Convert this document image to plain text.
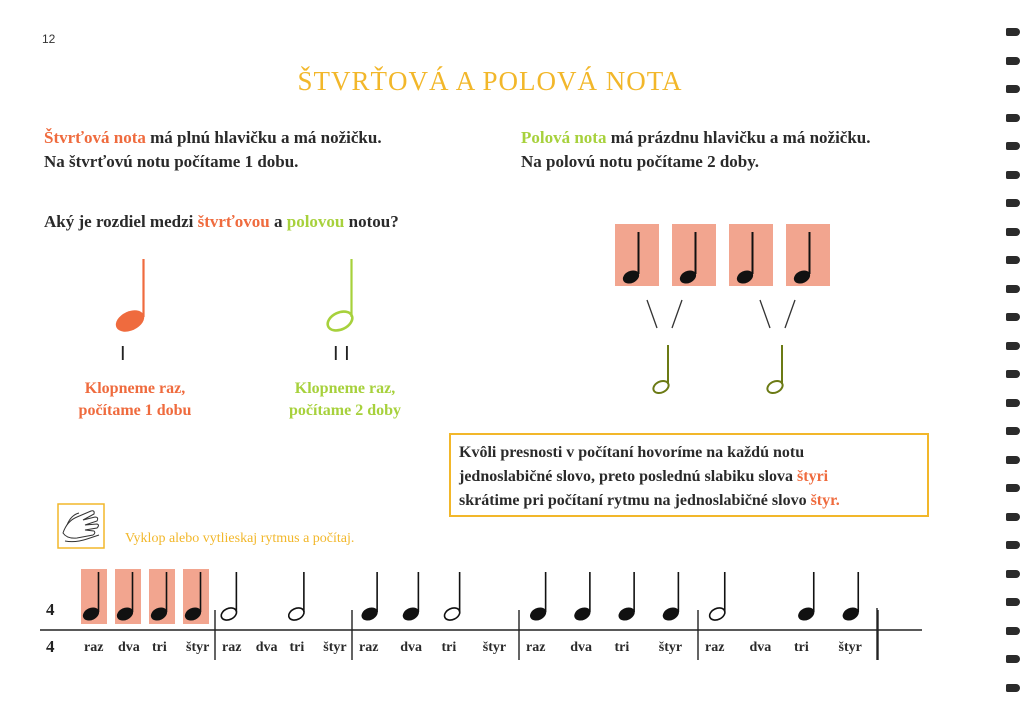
12
ŠTVRŤOVÁ A POLOVÁ NOTA
Štvrťová nota má plnú hlavičku a má nožičku.
Na štvrťovú notu počítame 1 dobu.
Polová nota má prázdnu hlavičku a má nožičku.
Na polovú notu počítame 2 doby.
Aký je rozdiel medzi štvrťovou a polovou notou?
I	I I
Klopneme raz,
počítame 1 dobu
Klopneme raz,
počítame 2 doby
Kvôli presnosti v počítaní hovoríme na každú notu
jednoslabičné slovo, preto poslednú slabiku slova štyri
skrátime pri počítaní rytmu na jednoslabičné slovo štyr.
Vyklop alebo vytlieskaj rytmus a počítaj.
4
4 raz dva tri štyr raz dva tri štyr raz dva tri štyr raz dva tri štyr raz dva tri štyr
